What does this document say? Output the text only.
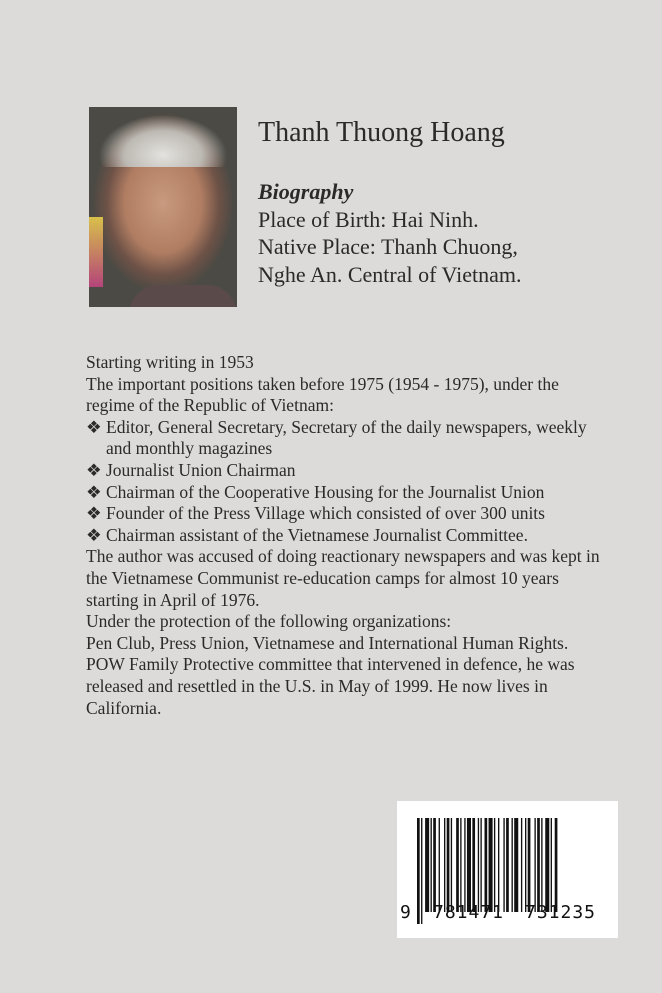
Thanh Thuong Hoang
Biography
Place of Birth: Hai Ninh.
Native Place: Thanh Chuong,
Nghe An. Central of Vietnam.

Starting writing in 1953

The important positions taken before 1975 (1954 - 1975), under the regime of the Republic of Vietnam:

❖ Editor, General Secretary, Secretary of the daily newspapers, weekly and monthly magazines
❖ Journalist Union Chairman
❖ Chairman of the Cooperative Housing for the Journalist Union
❖ Founder of the Press Village which consisted of over 300 units
❖ Chairman assistant of the Vietnamese Journalist Committee.

The author was accused of doing reactionary newspapers and was kept in the Vietnamese Communist re-education camps for almost 10 years starting in April of 1976.

Under the protection of the following organizations:

Pen Club, Press Union, Vietnamese and International Human Rights. POW Family Protective committee that intervened in defence, he was released and resettled in the U.S. in May of 1999. He now lives in California.

9 781471 731235
